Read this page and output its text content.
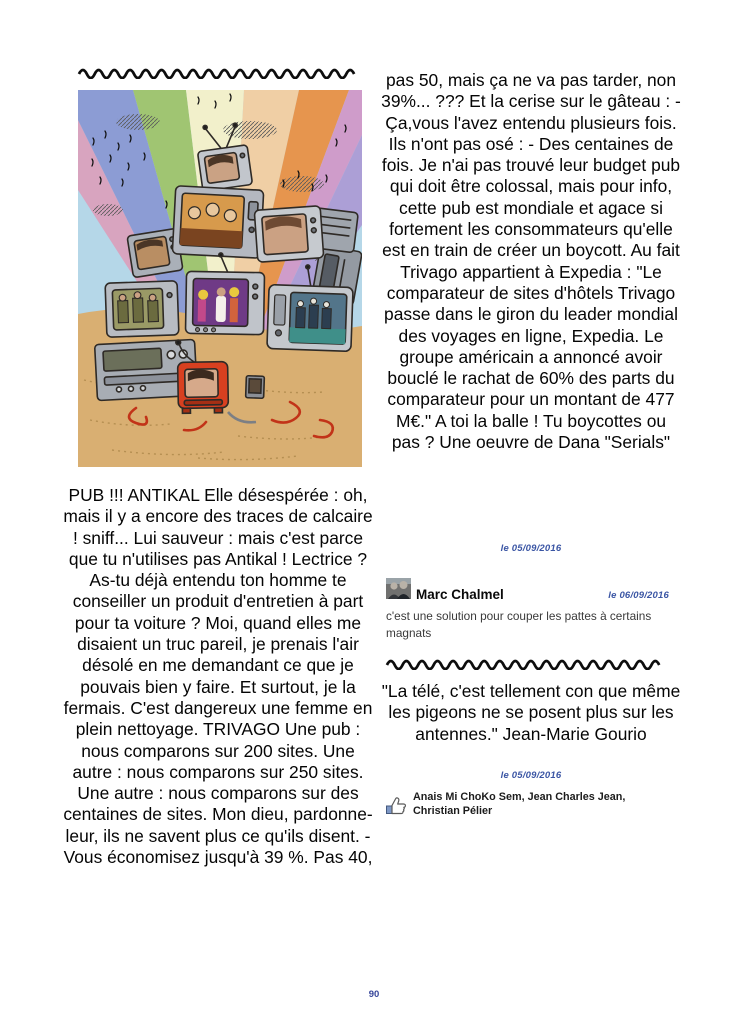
PUB !!! ANTIKAL Elle désespérée : oh, mais il y a encore des traces de calcaire ! sniff... Lui sauveur : mais c'est parce que tu n'utilises pas Antikal ! Lectrice ? As-tu déjà entendu ton homme te conseiller un produit d'entretien à part pour ta voiture ? Moi, quand elles me disaient un truc pareil, je prenais l'air désolé en me demandant ce que je pouvais bien y faire. Et surtout, je la fermais. C'est dangereux une femme en plein nettoyage. TRIVAGO Une pub : nous comparons sur 200 sites. Une autre : nous comparons sur 250 sites. Une autre : nous comparons sur des centaines de sites. Mon dieu, pardonne-leur, ils ne savent plus ce qu'ils disent. - Vous économisez jusqu'à 39 %. Pas 40,
pas 50, mais ça ne va pas tarder, non 39%... ??? Et la cerise sur le gâteau : - Ça,vous l'avez entendu plusieurs fois. Ils n'ont pas osé : - Des centaines de fois. Je n'ai pas trouvé leur budget pub qui doit être colossal, mais pour info, cette pub est mondiale et agace si fortement les consommateurs qu'elle est en train de créer un boycott. Au fait Trivago appartient à Expedia : "Le comparateur de sites d'hôtels Trivago passe dans le giron du leader mondial des voyages en ligne, Expedia. Le groupe américain a annoncé avoir bouclé le rachat de 60% des parts du comparateur pour un montant de 477 M€." A toi la balle ! Tu boycottes ou pas ? Une oeuvre de Dana "Serials"
le 05/09/2016
Marc Chalmel	le 06/09/2016
c'est une solution pour couper les pattes à certains magnats
"La télé, c'est tellement con que même les pigeons ne se posent plus sur les antennes." Jean-Marie Gourio
le 05/09/2016
Anais Mi ChoKo Sem, Jean Charles Jean, Christian Pélier
90
